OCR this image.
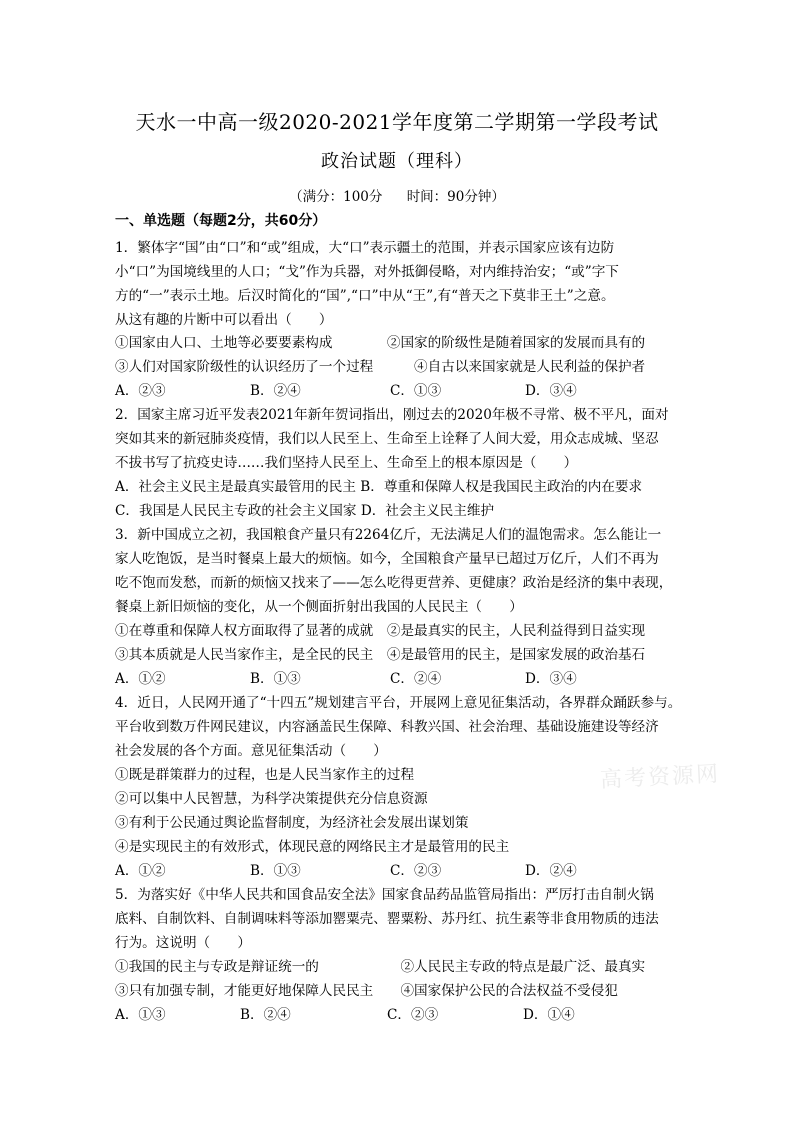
天水一中高一级2020-2021学年度第二学期第一学段考试
政治试题（理科）
（满分：100分 时间：90分钟）
一、单选题（每题2分，共60分）
1．繁体字“国”由“口”和“或”组成，大“口”表示疆土的范围，并表示国家应该有边防
小“口”为国境线里的人口；“戈”作为兵器，对外抵御侵略，对内维持治安；“或”字下
方的“一”表示土地。后汉时简化的“国”,“口”中从“王”,有“普天之下莫非王土”之意。
从这有趣的片断中可以看出（　　）
①国家由人口、土地等必要要素构成　　　　②国家的阶级性是随着国家的发展而具有的
③人们对国家阶级性的认识经历了一个过程　　　④自古以来国家就是人民利益的保护者
A．②③	B．②④	C．①③	D．③④
2．国家主席习近平发表2021年新年贺词指出，刚过去的2020年极不寻常、极不平凡，面对
突如其来的新冠肺炎疫情，我们以人民至上、生命至上诠释了人间大爱，用众志成城、坚忍
不拔书写了抗疫史诗……我们坚持人民至上、生命至上的根本原因是（　　）
A．社会主义民主是最真实最管用的民主 B．尊重和保障人权是我国民主政治的内在要求
C．我国是人民民主专政的社会主义国家 D．社会主义民主维护
3．新中国成立之初，我国粮食产量只有2264亿斤，无法满足人们的温饱需求。怎么能让一
家人吃饱饭，是当时餐桌上最大的烦恼。如今，全国粮食产量早已超过万亿斤，人们不再为
吃不饱而发愁，而新的烦恼又找来了——怎么吃得更营养、更健康？政治是经济的集中表现，
餐桌上新旧烦恼的变化，从一个侧面折射出我国的人民民主（　　）
①在尊重和保障人权方面取得了显著的成就　②是最真实的民主，人民利益得到日益实现
③其本质就是人民当家作主，是全民的民主　④是最管用的民主，是国家发展的政治基石
A．①②	B．①③	C．②④	D．③④
4．近日，人民网开通了“十四五”规划建言平台，开展网上意见征集活动，各界群众踊跃参与。
平台收到数万件网民建议，内容涵盖民生保障、科教兴国、社会治理、基础设施建设等经济
社会发展的各个方面。意见征集活动（　　）
①既是群策群力的过程，也是人民当家作主的过程
②可以集中人民智慧，为科学决策提供充分信息资源
③有利于公民通过舆论监督制度，为经济社会发展出谋划策
④是实现民主的有效形式，体现民意的网络民主才是最管用的民主
A．①②	B．①③	C．②③	D．②④
5．为落实好《中华人民共和国食品安全法》国家食品药品监管局指出：严厉打击自制火锅
底料、自制饮料、自制调味料等添加罂粟壳、罂粟粉、苏丹红、抗生素等非食用物质的违法
行为。这说明（　　）
①我国的民主与专政是辩证统一的　　　　　　②人民民主专政的特点是最广泛、最真实
③只有加强专制，才能更好地保障人民民主　　④国家保护公民的合法权益不受侵犯
A．①③	B．②④	C．②③	D．①④
高考资源网
